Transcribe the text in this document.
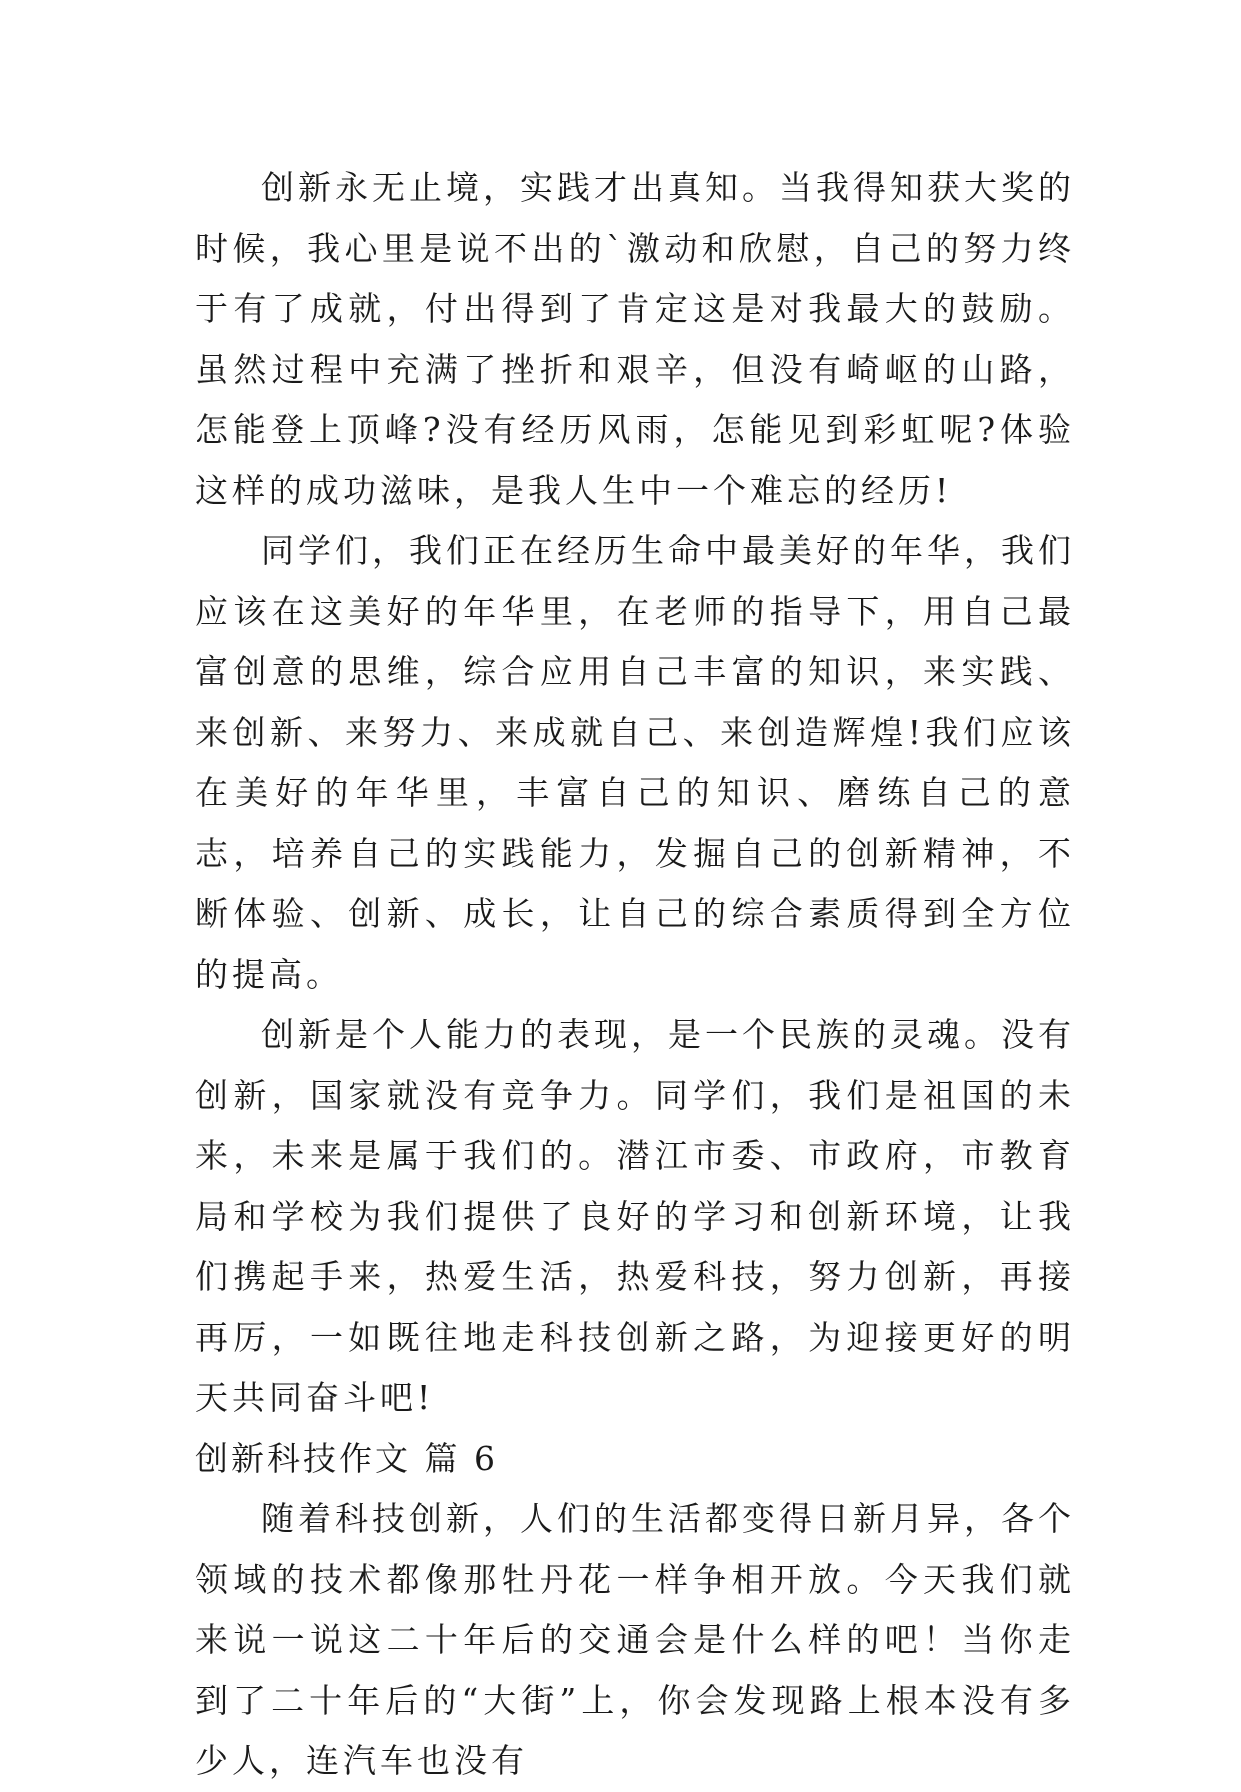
创新永无止境，实践才出真知。当我得知获大奖的时候，我心里是说不出的`激动和欣慰，自己的努力终于有了成就，付出得到了肯定这是对我最大的鼓励。虽然过程中充满了挫折和艰辛，但没有崎岖的山路，怎能登上顶峰?没有经历风雨，怎能见到彩虹呢?体验这样的成功滋味，是我人生中一个难忘的经历!

同学们，我们正在经历生命中最美好的年华，我们应该在这美好的年华里，在老师的指导下，用自己最富创意的思维，综合应用自己丰富的知识，来实践、来创新、来努力、来成就自己、来创造辉煌!我们应该在美好的年华里，丰富自己的知识、磨练自己的意志，培养自己的实践能力，发掘自己的创新精神，不断体验、创新、成长，让自己的综合素质得到全方位的提高。

创新是个人能力的表现，是一个民族的灵魂。没有创新，国家就没有竞争力。同学们，我们是祖国的未来，未来是属于我们的。潜江市委、市政府，市教育局和学校为我们提供了良好的学习和创新环境，让我们携起手来，热爱生活，热爱科技，努力创新，再接再厉，一如既往地走科技创新之路，为迎接更好的明天共同奋斗吧!

创新科技作文 篇 6

随着科技创新，人们的生活都变得日新月异，各个领域的技术都像那牡丹花一样争相开放。今天我们就来说一说这二十年后的交通会是什么样的吧！当你走到了二十年后的“大街”上，你会发现路上根本没有多少人，连汽车也没有
